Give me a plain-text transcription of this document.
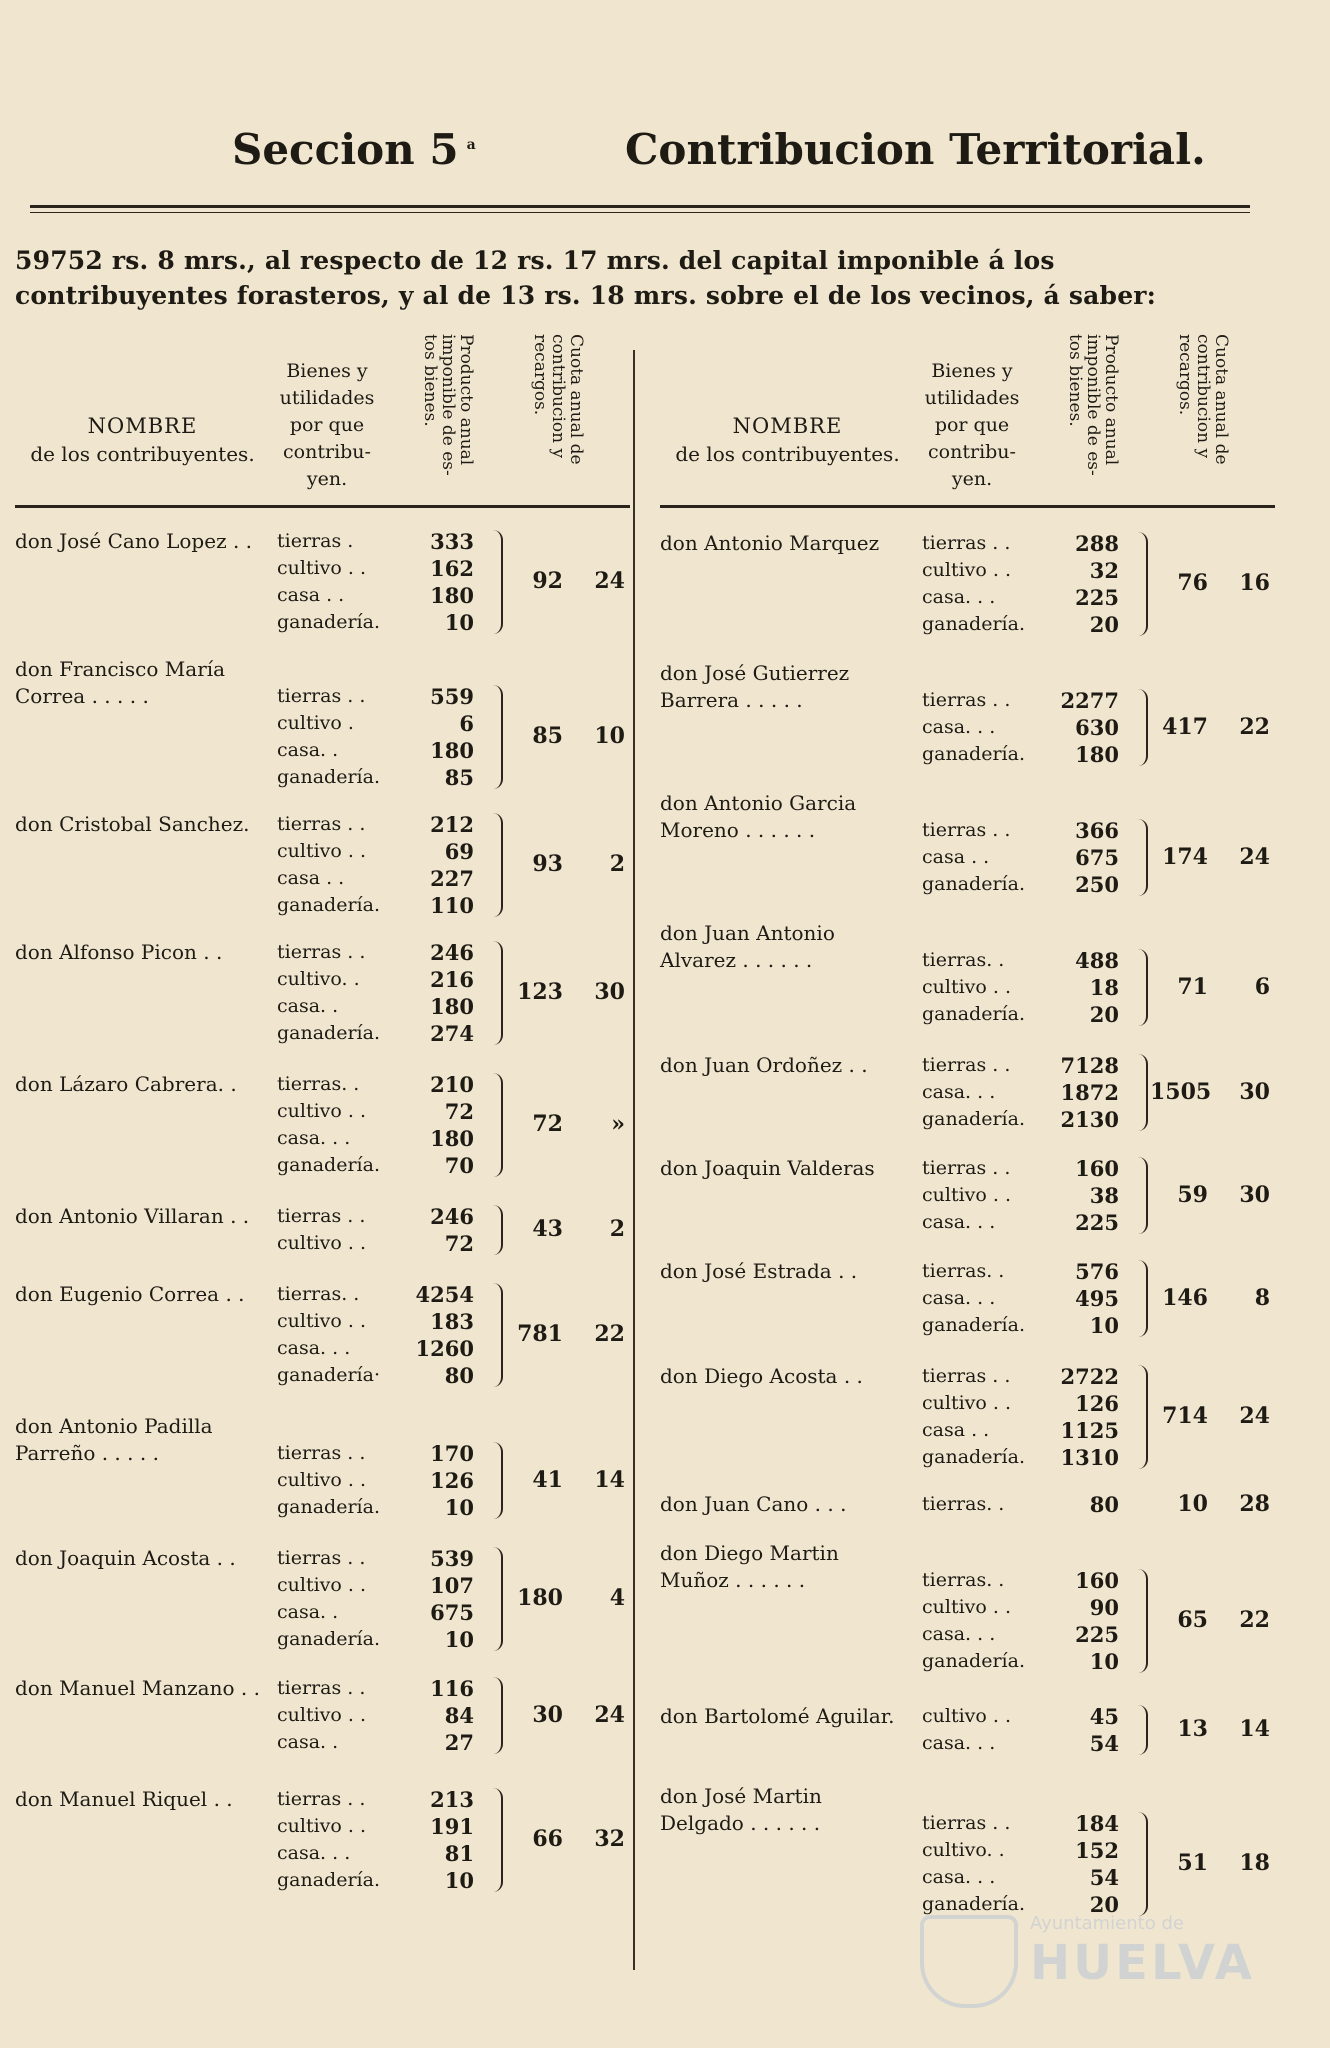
Seccion 5 $^a$	Contribucion Territorial.
59752 rs. 8 mrs., al respecto de 12 rs. 17 mrs. del capital imponible á los contribuyentes forasteros, y al de 13 rs. 18 mrs. sobre el de los vecinos, á saber:
NOMBRE
de los contribuyentes.
Bienes y utilidades por que contribu-yen.
Producto anual imponible de es-tos bienes.	Cuota anual de contribucion y recargos.
don José Cano Lopez . .	tierras .	333
cultivo . .	162
casa . .	180
ganadería.	10
92	24
don Francisco María Correa . . . . .	tierras . .	559
cultivo .	6
casa. .	180
ganadería.	85
85	10
don Cristobal Sanchez.	tierras . .	212
cultivo . .	69
casa . .	227
ganadería.	110
93	2
don Alfonso Picon . .	tierras . .	246
cultivo. .	216
casa. .	180
ganadería.	274
123	30
don Lázaro Cabrera. .	tierras. .	210
cultivo . .	72
casa. . .	180
ganadería.	70
72	»
don Antonio Villaran . .	tierras . .	246
cultivo . .	72
43	2
don Eugenio Correa . .	tierras. .	4254
cultivo . .	183
casa. . .	1260
ganadería·	80
781	22
don Antonio Padilla Parreño . . . . .	tierras . .	170
cultivo . .	126
ganadería.	10
41	14
don Joaquin Acosta . .	tierras . .	539
cultivo . .	107
casa. .	675
ganadería.	10
180	4
don Manuel Manzano . . tierras . .	116
cultivo . .	84
casa. .	27
30	24
don Manuel Riquel . .	tierras . .	213
cultivo . .	191
casa. . .	81
ganadería.	10
66	32
NOMBRE
de los contribuyentes.
Bienes y utilidades por que contribu-yen.
Producto anual imponible de es-tos bienes.	Cuota anual de contribucion y recargos.
don Antonio Marquez	tierras . .	288
cultivo . .	32
casa. . .	225
ganadería.	20
76	16
don José Gutierrez Barrera . . . . .	tierras . .	2277
casa. . .	630
ganadería.	180
417	22
don Antonio Garcia Moreno . . . . . .	tierras . .	366
casa . .	675
ganadería.	250
174	24
don Juan Antonio Alvarez . . . . . .	tierras. .	488
cultivo . .	18
ganadería.	20
71	6
don Juan Ordoñez . .	tierras . .	7128
casa. . .	1872
ganadería.	2130
1505	30
don Joaquin Valderas	tierras . .	160
cultivo . .	38
casa. . .	225
59	30
don José Estrada . .	tierras. .	576
casa. . .	495
ganadería.	10
146	8
don Diego Acosta . .	tierras . .	2722
cultivo . .	126
casa . .	1125
ganadería.	1310
714	24
don Juan Cano . . .	tierras. .	80	10	28
don Diego Martin Muñoz . . . . . .	tierras. .	160
cultivo . .	90
casa. . .	225
ganadería.	10
65	22
don Bartolomé Aguilar.	cultivo . .	45
casa. . .	54
13	14
don José Martin Delgado . . . . . .	tierras . .	184
cultivo. .	152
casa. . .	54
ganadería.	20
51	18
Ayuntamiento de
HUELVA
